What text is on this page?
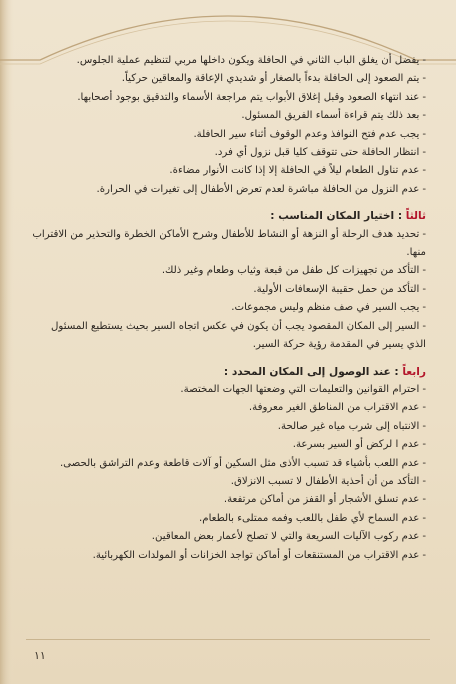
-يفضل أن يغلق الباب الثاني في الحافلة ويكون داخلها مربي لتنظيم عملية الجلوس.

-يتم الصعود إلى الحافلة بدءاً بالصغار أو شديدي الإعاقة والمعاقين حركياً.

-عند انتهاء الصعود وقبل إغلاق الأبواب يتم مراجعة الأسماء والتدقيق بوجود أصحابها.

-بعد ذلك يتم قراءة أسماء الفريق المسئول.

-يجب عدم فتح النوافذ وعدم الوقوف أثناء سير الحافلة.

-انتظار الحافلة حتى تتوقف كليا قبل نزول أي فرد.

-عدم تناول الطعام ليلاً في الحافلة إلا إذا كانت الأنوار مضاءة.

-عدم النزول من الحافلة مباشرة لعدم تعرض الأطفال إلى تغيرات في الحرارة.

ثالثاً : اختيار المكان المناسب :

-تحديد هدف الرحلة أو النزهة أو النشاط للأطفال وشرح الأماكن الخطرة والتحذير من الاقتراب منها.

-التأكد من تجهيزات كل طفل من قبعة وثياب وطعام وغير ذلك.

-التأكد من حمل حقيبة الإسعافات الأولية.

-يجب السير في صف منظم وليس مجموعات.

-السير إلى المكان المقصود يجب أن يكون في عكس اتجاه السير بحيث يستطيع المسئول الذي يسير في المقدمة رؤية حركة السير.

رابعاً : عند الوصول إلى المكان المحدد :

-احترام القوانين والتعليمات التي وضعتها الجهات المختصة.

-عدم الاقتراب من المناطق الغير معروفة.

-الانتباه إلى شرب مياه غير صالحة.

-عدم ا لركض أو السير بسرعة.

-عدم اللعب بأشياء قد تسبب الأذى مثل السكين أو آلات قاطعة وعدم التراشق بالحصى.

-التأكد من أن أحذية الأطفال لا تسبب الانزلاق.

-عدم تسلق الأشجار أو القفز من أماكن مرتفعة.

-عدم السماح لأي طفل باللعب وفمه ممتلىء بالطعام.

-عدم ركوب الآليات السريعة والتي لا تصلح لأعمار بعض المعاقين.

-عدم الاقتراب من المستنقعات أو أماكن تواجد الخزانات أو المولدات الكهربائية.

١١
